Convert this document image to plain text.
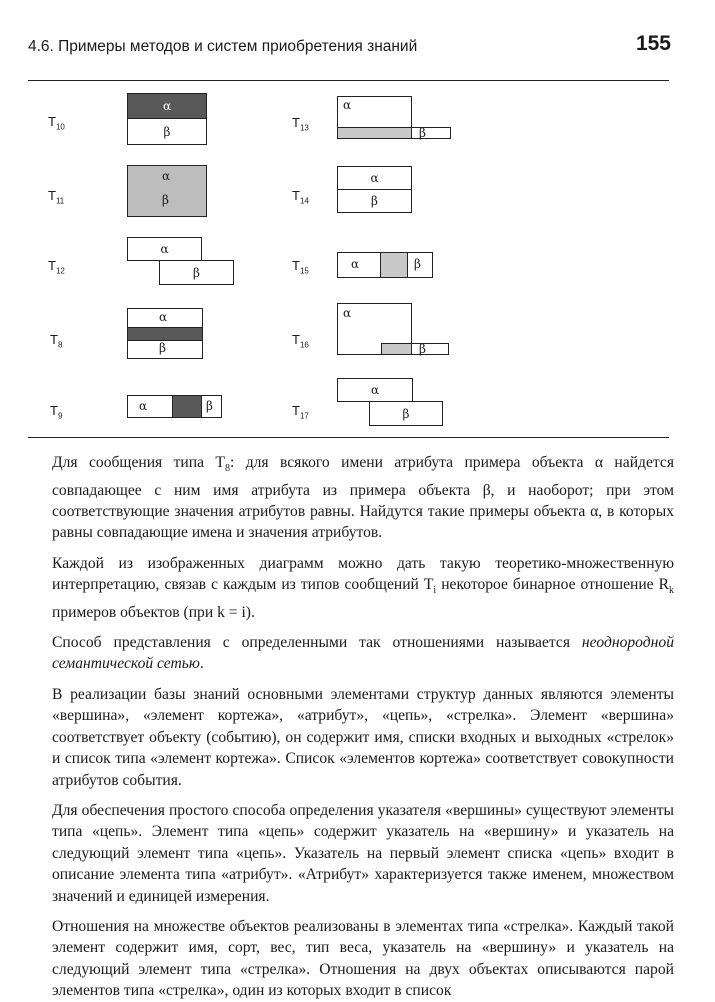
4.6. Примеры методов и систем приобретения знаний	155
$T_{10}$
α
β
$T_{11}$
α
β
$T_{12}$
α
β
$T_8$
α
β
$T_9$
α	β
$T_{13}$
α
β
$T_{14}$
α
β
$T_{15}$
α	β
$T_{16}$
α
β
$T_{17}$
α
β

Для сообщения типа $T_8$: для всякого имени атрибута примера объекта α найдется совпадающее с ним имя атрибута из примера объекта β, и наоборот; при этом соответствующие значения атрибутов равны. Найдутся такие примеры объекта α, в которых равны совпадающие имена и значения атрибутов.

Каждой из изображенных диаграмм можно дать такую теоретико-множественную интерпретацию, связав с каждым из типов сообщений $T_i$ некоторое бинарное отношение $R_k$ примеров объектов (при k = i).

Способ представления с определенными так отношениями называется неоднородной семантической сетью.

В реализации базы знаний основными элементами структур данных являются элементы «вершина», «элемент кортежа», «атрибут», «цепь», «стрелка». Элемент «вершина» соответствует объекту (событию), он содержит имя, списки входных и выходных «стрелок» и список типа «элемент кортежа». Список «элементов кортежа» соответствует совокупности атрибутов события.

Для обеспечения простого способа определения указателя «вершины» существуют элементы типа «цепь». Элемент типа «цепь» содержит указатель на «вершину» и указатель на следующий элемент типа «цепь». Указатель на первый элемент списка «цепь» входит в описание элемента типа «атрибут». «Атрибут» характеризуется также именем, множеством значений и единицей измерения.

Отношения на множестве объектов реализованы в элементах типа «стрелка». Каждый такой элемент содержит имя, сорт, вес, тип веса, указатель на «вершину» и указатель на следующий элемент типа «стрелка». Отношения на двух объектах описываются парой элементов типа «стрелка», один из которых входит в список
